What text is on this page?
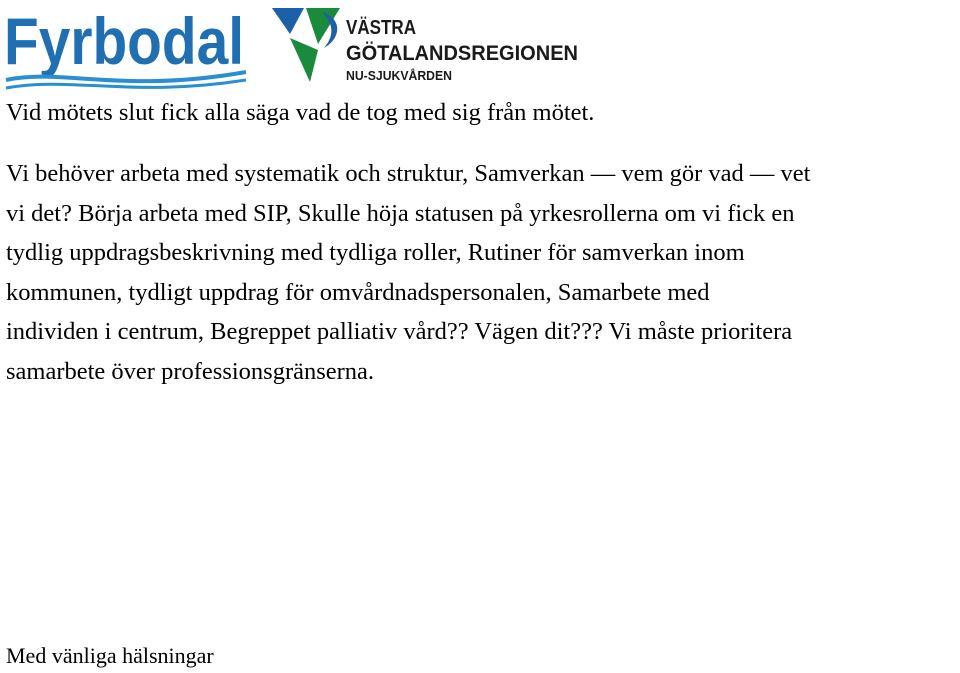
Fyrbodal	VÄSTRA
GÖTALANDSREGIONEN
NU-SJUKVÅRDEN

Vid mötets slut fick alla säga vad de tog med sig från mötet.

Vi behöver arbeta med systematik och struktur, Samverkan — vem gör vad — vet
vi det? Börja arbeta med SIP, Skulle höja statusen på yrkesrollerna om vi fick en
tydlig uppdragsbeskrivning med tydliga roller, Rutiner för samverkan inom
kommunen, tydligt uppdrag för omvårdnadspersonalen, Samarbete med
individen i centrum, Begreppet palliativ vård?? Vägen dit??? Vi måste prioritera
samarbete över professionsgränserna.

Med vänliga hälsningar
